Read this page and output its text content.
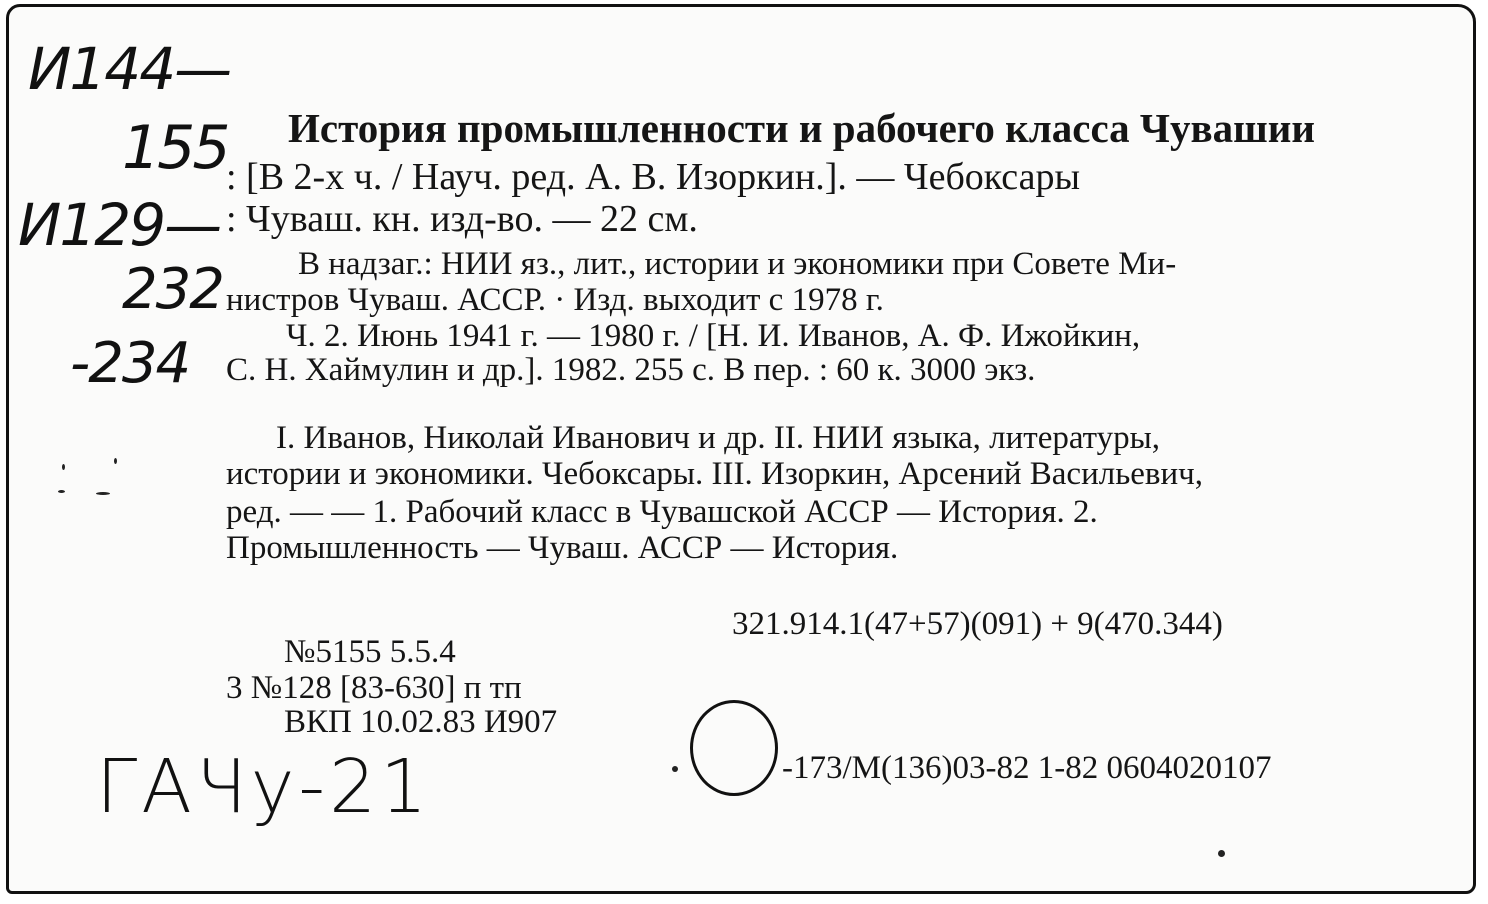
И144—
155
И129—
232
-234
История промышленности и рабочего класса Чувашии
: [В 2-х ч. / Науч. ред. А. В. Изоркин.]. — Чебоксары
: Чуваш. кн. изд-во. — 22 см.
В надзаг.: НИИ яз., лит., истории и экономики при Совете Ми-
нистров Чуваш. АССР. · Изд. выходит с 1978 г.
Ч. 2. Июнь 1941 г. — 1980 г. / [Н. И. Иванов, А. Ф. Ижойкин,
С. Н. Хаймулин и др.]. 1982. 255 с. В пер. : 60 к. 3000 экз.
I. Иванов, Николай Иванович и др. II. НИИ языка, литературы,
истории и экономики. Чебоксары. III. Изоркин, Арсений Васильевич,
ред. — — 1. Рабочий класс в Чувашской АССР — История. 2.
Промышленность — Чуваш. АССР — История.
321.914.1(47+57)(091) + 9(470.344)
№5155 5.5.4
3 №128 [83-630] п тп
ВКП 10.02.83 И907
-173/М(136)03-82 1-82 0604020107
ГАЧу-21
